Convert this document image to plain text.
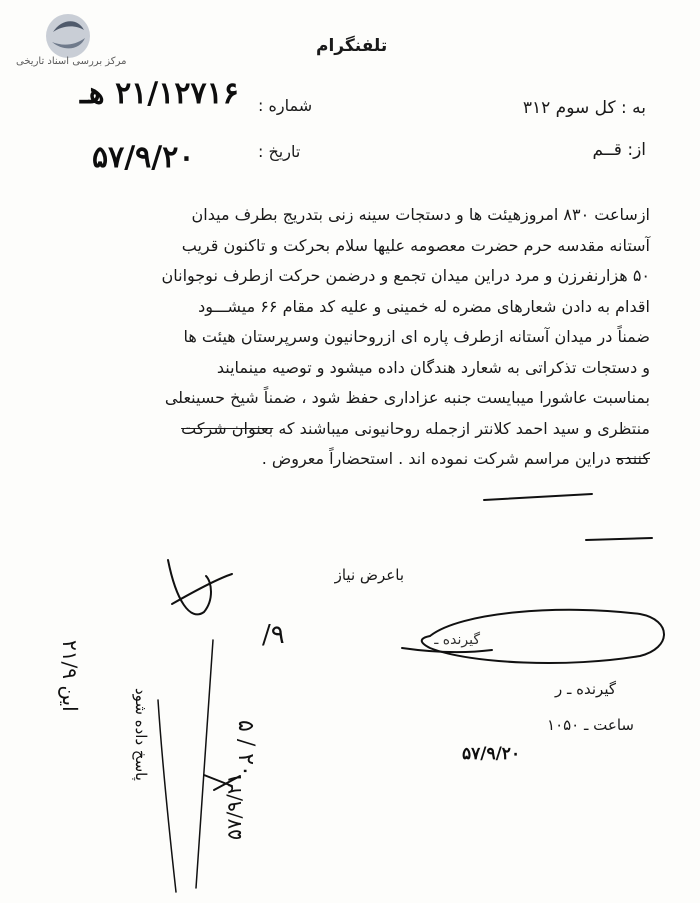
مرکز بررسی اسناد تاریخی
تلفنگرام
به : کل سوم ۳۱۲
از: قــم
شماره :
تاریخ :
۲۱/۱۲۷۱۶ هـ
۵۷/۹/۲۰

ازساعت ۸۳۰ امروزهیئت ها و دستجات سینه زنی بتدریج بطرف میدان

آستانه مقدسه حرم حضرت معصومه علیها سلام بحرکت و تاکنون قریب

۵۰ هزارنفرزن و مرد دراین میدان تجمع و درضمن حرکت ازطرف نوجوانان

اقدام به دادن شعارهای مضره له خمینی و علیه کد مقام ۶۶ میشـــود

ضمناً در میدان آستانه ازطرف پاره ای ازروحانیون وسرپرستان هیئت ها

و دستجات تذکراتی به شعارد هندگان داده میشود و توصیه مینمایند

بمناسبت عاشورا میبایست جنبه عزاداری حفظ شود ، ضمناً شیخ حسینعلی

منتظری و سید احمد کلانتر ازجمله روحانیونی میباشند که بعنوان شرکت

کننده دراین مراسم شرکت نموده اند . استحضاراً معروض .

باعرض نیاز
گیرنده ـ
گیرنده ـ ر
ساعت ـ ۱۰۵۰
۵۷/۹/۲۰
این ۲۱/۹	پاسخ داده شود
۹/
۲۰ / ۵
۵۷/۹/۲۱
